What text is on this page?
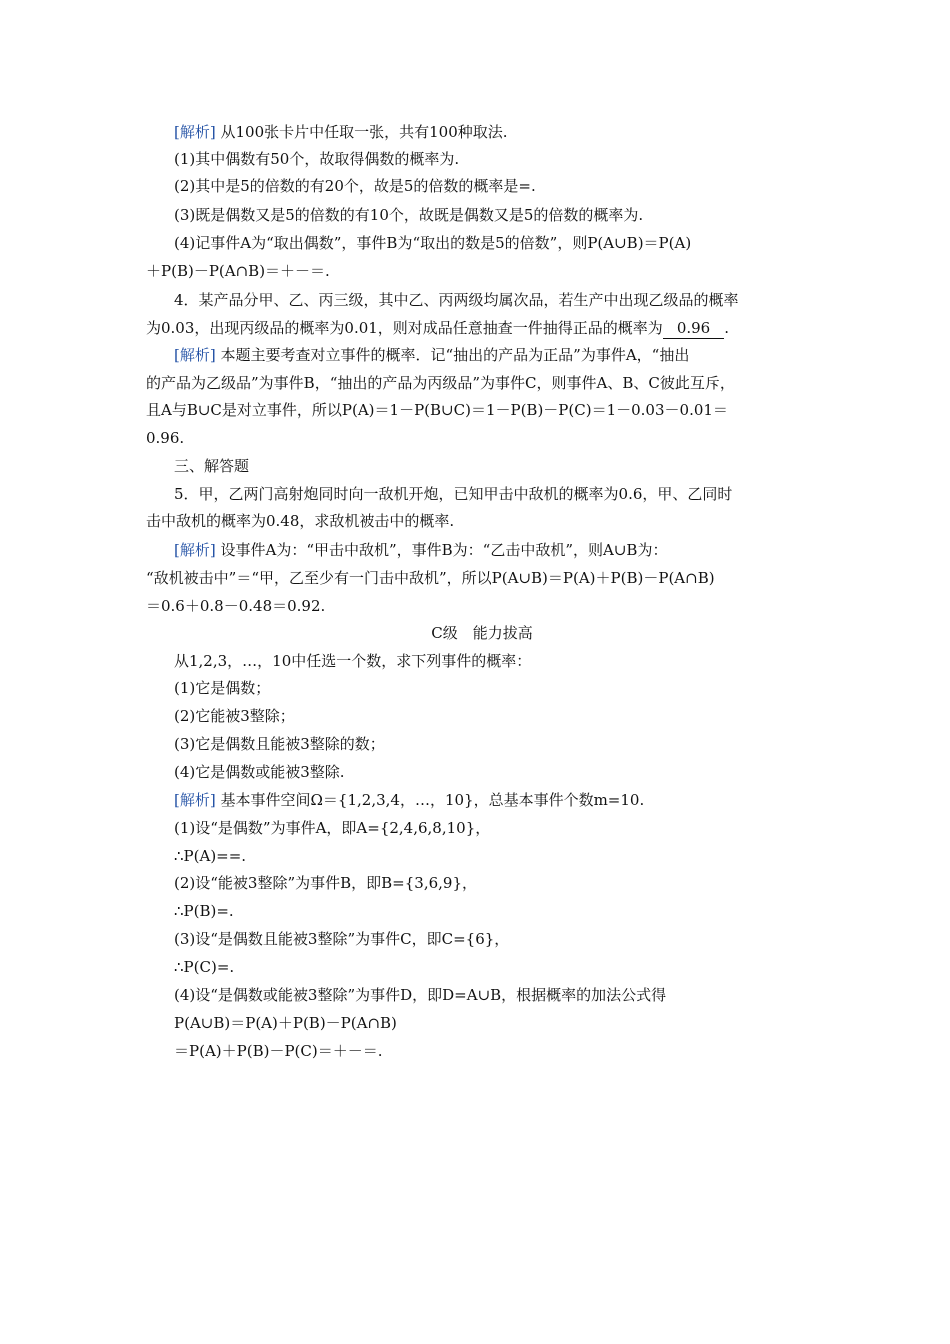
[解析] 从100张卡片中任取一张，共有100种取法.
(1)其中偶数有50个，故取得偶数的概率为.
(2)其中是5的倍数的有20个，故是5的倍数的概率是=.
(3)既是偶数又是5的倍数的有10个，故既是偶数又是5的倍数的概率为.
(4)记事件A为“取出偶数”，事件B为“取出的数是5的倍数”，则P(A∪B)＝P(A)
＋P(B)－P(A∩B)＝＋－＝.
4．某产品分甲、乙、丙三级，其中乙、丙两级均属次品，若生产中出现乙级品的概率
为0.03，出现丙级品的概率为0.01，则对成品任意抽查一件抽得正品的概率为 0.96 .
[解析] 本题主要考查对立事件的概率．记“抽出的产品为正品”为事件A，“抽出
的产品为乙级品”为事件B，“抽出的产品为丙级品”为事件C，则事件A、B、C彼此互斥，
且A与B∪C是对立事件，所以P(A)＝1－P(B∪C)＝1－P(B)－P(C)＝1－0.03－0.01＝
0.96.
三、解答题
5．甲，乙两门高射炮同时向一敌机开炮，已知甲击中敌机的概率为0.6，甲、乙同时
击中敌机的概率为0.48，求敌机被击中的概率.
[解析] 设事件A为：“甲击中敌机”，事件B为：“乙击中敌机”，则A∪B为：
“敌机被击中”＝“甲，乙至少有一门击中敌机”，所以P(A∪B)＝P(A)＋P(B)－P(A∩B)
＝0.6＋0.8－0.48＝0.92.
C级　能力拔高
从1,2,3，…，10中任选一个数，求下列事件的概率：
(1)它是偶数；
(2)它能被3整除；
(3)它是偶数且能被3整除的数；
(4)它是偶数或能被3整除.
[解析] 基本事件空间Ω＝{1,2,3,4，…，10}，总基本事件个数m=10.
(1)设“是偶数”为事件A，即A={2,4,6,8,10}，
∴P(A)==.
(2)设“能被3整除”为事件B，即B={3,6,9}，
∴P(B)=.
(3)设“是偶数且能被3整除”为事件C，即C={6}，
∴P(C)=.
(4)设“是偶数或能被3整除”为事件D，即D=A∪B，根据概率的加法公式得
P(A∪B)＝P(A)＋P(B)－P(A∩B)
＝P(A)＋P(B)－P(C)＝＋－＝.
